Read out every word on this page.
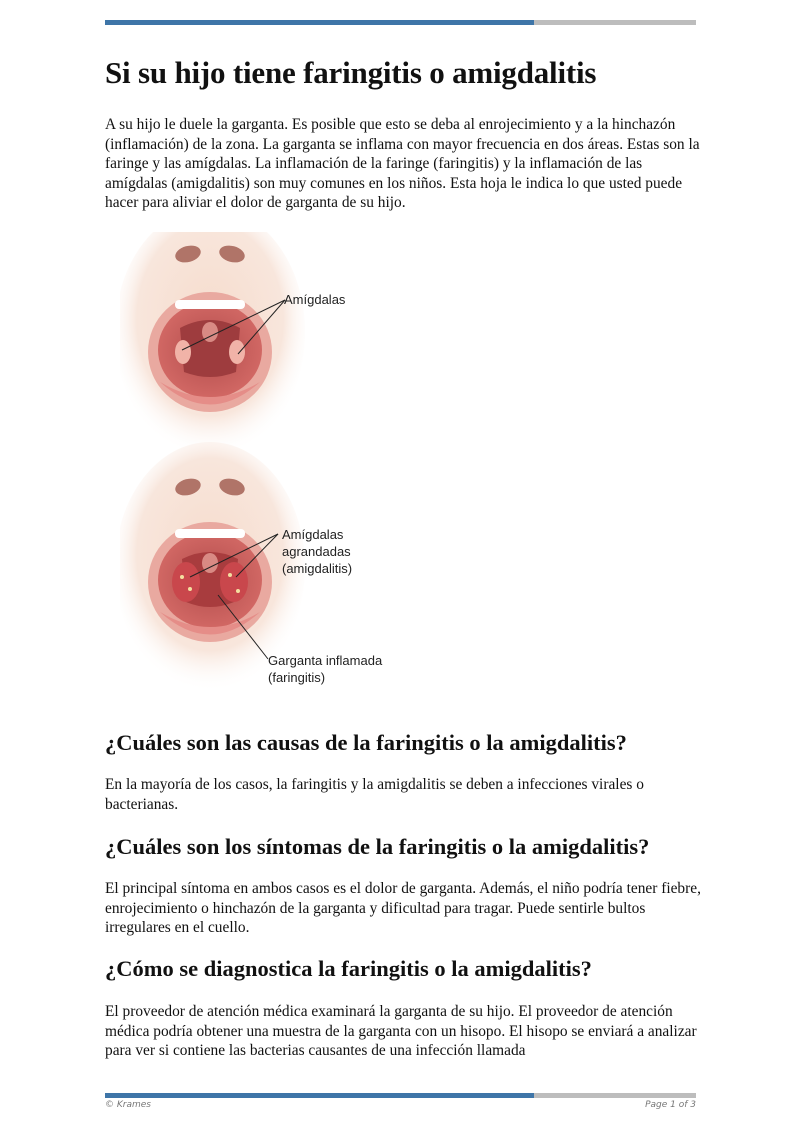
Si su hijo tiene faringitis o amigdalitis

A su hijo le duele la garganta. Es posible que esto se deba al enrojecimiento y a la hinchazón (inflamación) de la zona. La garganta se inflama con mayor frecuencia en dos áreas. Estas son la faringe y las amígdalas. La inflamación de la faringe (faringitis) y la inflamación de las amígdalas (amigdalitis) son muy comunes en los niños. Esta hoja le indica lo que usted puede hacer para aliviar el dolor de garganta de su hijo.

Amígdalas
Amígdalas
agrandadas
(amigdalitis)
Garganta inflamada
(faringitis)
¿Cuáles son las causas de la faringitis o la amigdalitis?

En la mayoría de los casos, la faringitis y la amigdalitis se deben a infecciones virales o bacterianas.

¿Cuáles son los síntomas de la faringitis o la amigdalitis?

El principal síntoma en ambos casos es el dolor de garganta. Además, el niño podría tener fiebre, enrojecimiento o hinchazón de la garganta y dificultad para tragar. Puede sentirle bultos irregulares en el cuello.

¿Cómo se diagnostica la faringitis o la amigdalitis?

El proveedor de atención médica examinará la garganta de su hijo. El proveedor de atención médica podría obtener una muestra de la garganta con un hisopo. El hisopo se enviará a analizar para ver si contiene las bacterias causantes de una infección llamada

© Krames	Page 1 of 3
